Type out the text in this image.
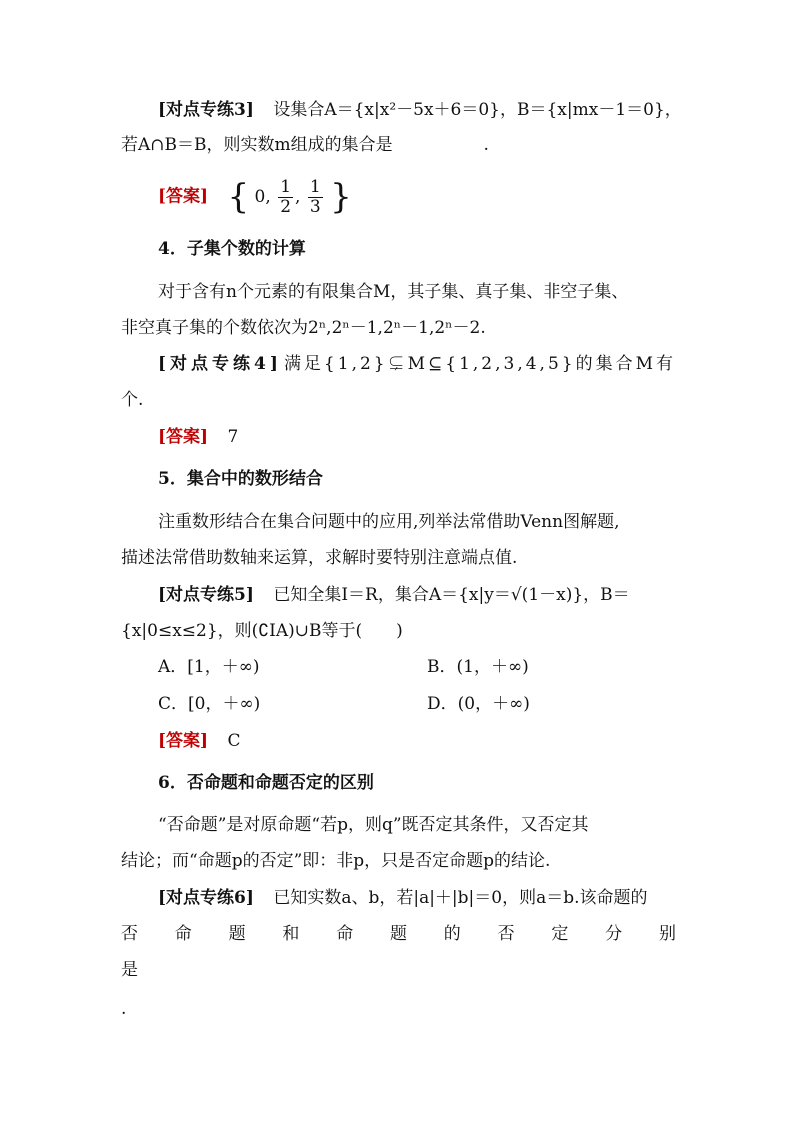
[对点专练3] 设集合A＝{x|x²－5x＋6＝0}，B＝{x|mx－1＝0}，
若A∩B＝B，则实数m组成的集合是	.
[答案] { 0, $\frac{1}{2}$ , $\frac{1}{3}$ }
4．子集个数的计算
对于含有n个元素的有限集合M，其子集、真子集、非空子集、
非空真子集的个数依次为2ⁿ,2ⁿ－1,2ⁿ－1,2ⁿ－2.
[对点专练4] 满足{1,2}⊊M⊆{1,2,3,4,5}的集合M有
个.
[答案] 7
5．集合中的数形结合
注重数形结合在集合问题中的应用,列举法常借助Venn图解题,
描述法常借助数轴来运算，求解时要特别注意端点值.
[对点专练5] 已知全集I＝R，集合A＝{x|y＝√(1－x)}，B＝
{x|0≤x≤2}，则(∁IA)∪B等于(　　)
A．[1，＋∞)	B．(1，＋∞)
C．[0，＋∞)	D．(0，＋∞)
[答案] C
6．否命题和命题否定的区别
“否命题”是对原命题“若p，则q”既否定其条件，又否定其
结论；而“命题p的否定”即：非p，只是否定命题p的结论.
[对点专练6] 已知实数a、b，若|a|＋|b|＝0，则a＝b.该命题的
否 命 题 和 命 题 的 否 定 分 别
是
.
